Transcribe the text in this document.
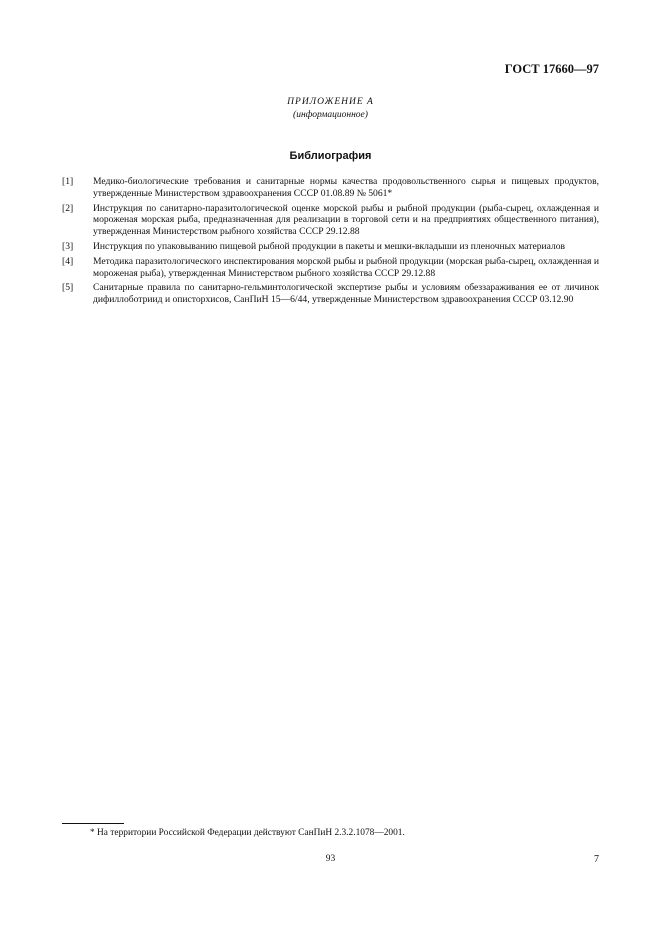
ГОСТ 17660—97
ПРИЛОЖЕНИЕ А
(информационное)
Библиография
[1]	Медико-биологические требования и санитарные нормы качества продовольственного сырья и пищевых продуктов, утвержденные Министерством здравоохранения СССР 01.08.89 № 5061*
[2]	Инструкция по санитарно-паразитологической оценке морской рыбы и рыбной продукции (рыба-сырец, охлажденная и мороженая морская рыба, предназначенная для реализации в торговой сети и на предприятиях общественного питания), утвержденная Министерством рыбного хозяйства СССР 29.12.88
[3]	Инструкция по упаковыванию пищевой рыбной продукции в пакеты и мешки-вкладыши из пленочных материалов
[4]	Методика паразитологического инспектирования морской рыбы и рыбной продукции (морская рыба-сырец, охлажденная и мороженая рыба), утвержденная Министерством рыбного хозяйства СССР 29.12.88
[5]	Санитарные правила по санитарно-гельминтологической экспертизе рыбы и условиям обеззараживания ее от личинок дифиллоботриид и описторхисов, СанПиН 15—6/44, утвержденные Министерством здравоохранения СССР 03.12.90
* На территории Российской Федерации действуют СанПиН 2.3.2.1078—2001.
93	7
